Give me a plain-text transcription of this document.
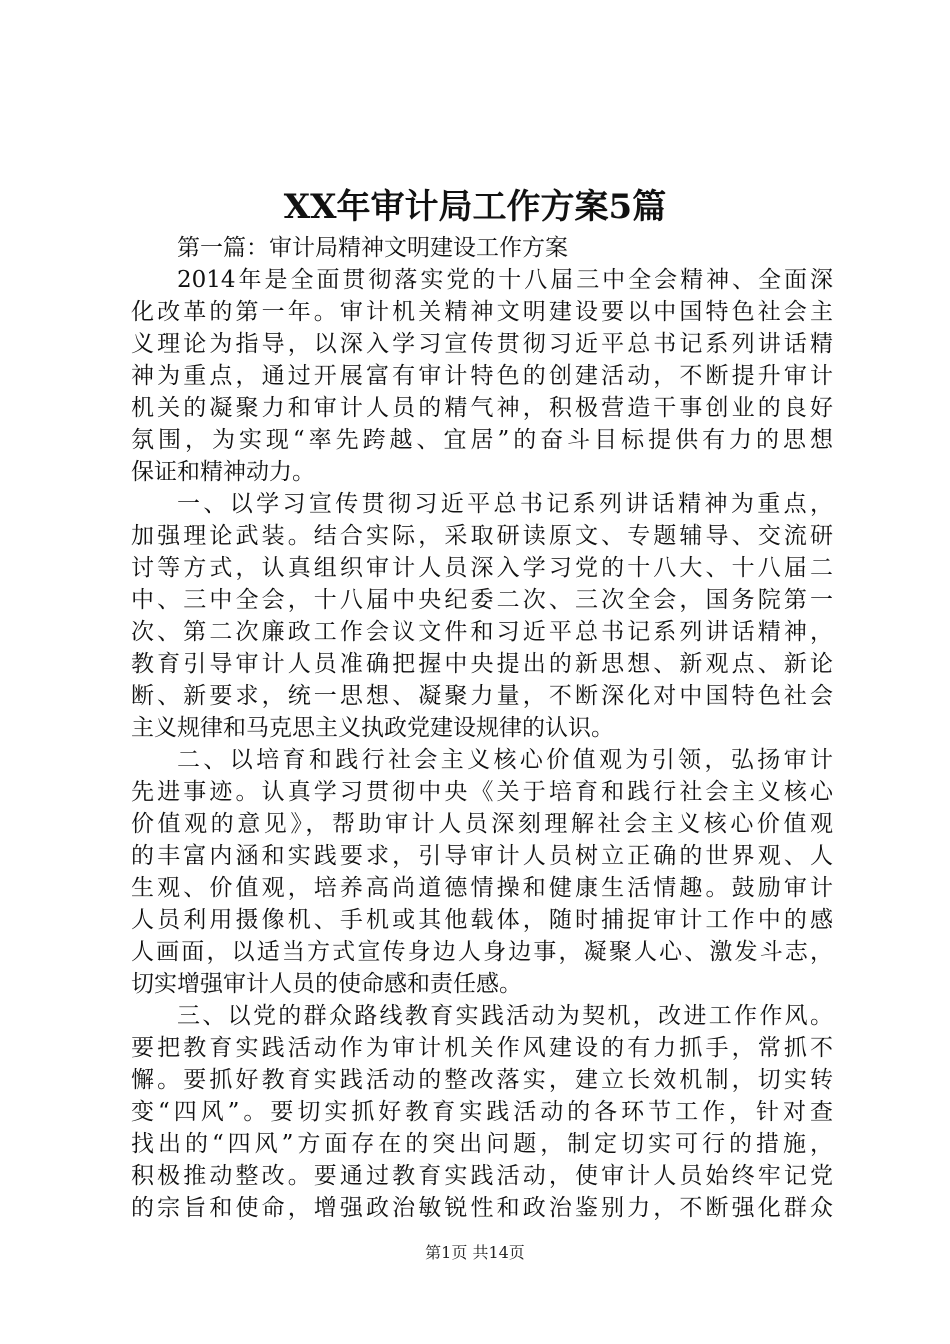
XX年审计局工作方案5篇
第一篇：审计局精神文明建设工作方案
2014年是全面贯彻落实党的十八届三中全会精神、全面深
化改革的第一年。审计机关精神文明建设要以中国特色社会主
义理论为指导，以深入学习宣传贯彻习近平总书记系列讲话精
神为重点，通过开展富有审计特色的创建活动，不断提升审计
机关的凝聚力和审计人员的精气神，积极营造干事创业的良好
氛围，为实现“率先跨越、宜居”的奋斗目标提供有力的思想
保证和精神动力。
一、以学习宣传贯彻习近平总书记系列讲话精神为重点，
加强理论武装。结合实际，采取研读原文、专题辅导、交流研
讨等方式，认真组织审计人员深入学习党的十八大、十八届二
中、三中全会，十八届中央纪委二次、三次全会，国务院第一
次、第二次廉政工作会议文件和习近平总书记系列讲话精神，
教育引导审计人员准确把握中央提出的新思想、新观点、新论
断、新要求，统一思想、凝聚力量，不断深化对中国特色社会
主义规律和马克思主义执政党建设规律的认识。
二、以培育和践行社会主义核心价值观为引领，弘扬审计
先进事迹。认真学习贯彻中央《关于培育和践行社会主义核心
价值观的意见》，帮助审计人员深刻理解社会主义核心价值观
的丰富内涵和实践要求，引导审计人员树立正确的世界观、人
生观、价值观，培养高尚道德情操和健康生活情趣。鼓励审计
人员利用摄像机、手机或其他载体，随时捕捉审计工作中的感
人画面，以适当方式宣传身边人身边事，凝聚人心、激发斗志，
切实增强审计人员的使命感和责任感。
三、以党的群众路线教育实践活动为契机，改进工作作风。
要把教育实践活动作为审计机关作风建设的有力抓手，常抓不
懈。要抓好教育实践活动的整改落实，建立长效机制，切实转
变“四风”。要切实抓好教育实践活动的各环节工作，针对查
找出的“四风”方面存在的突出问题，制定切实可行的措施，
积极推动整改。要通过教育实践活动，使审计人员始终牢记党
的宗旨和使命，增强政治敏锐性和政治鉴别力，不断强化群众
第1页 共14页
